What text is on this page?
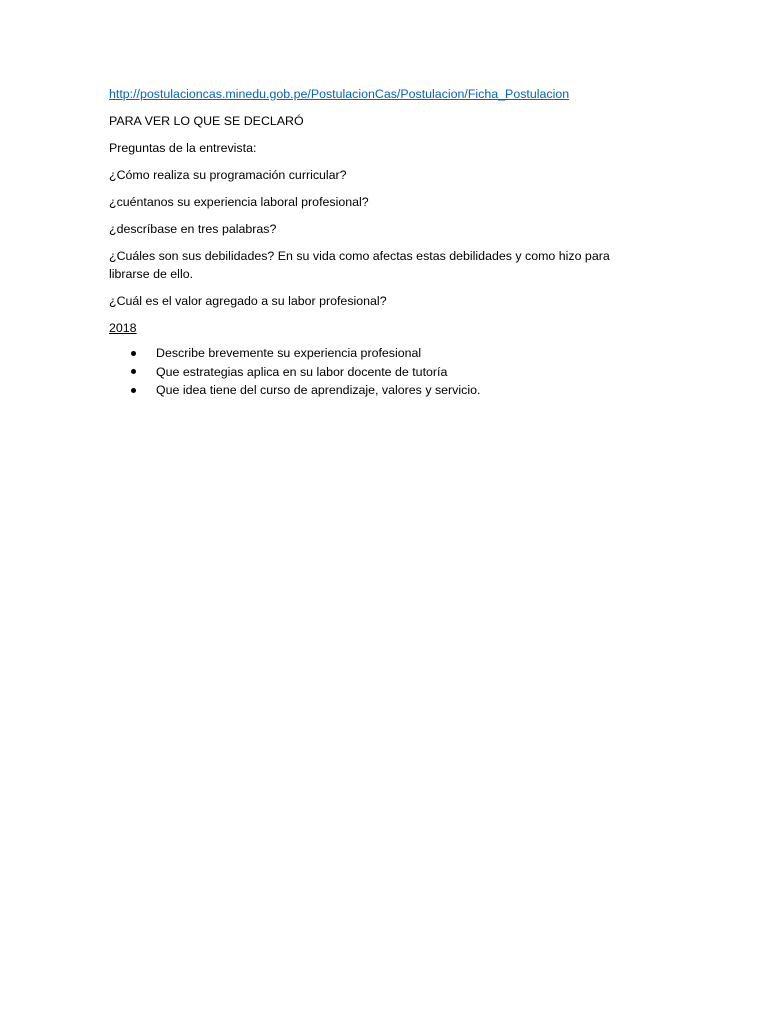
http://postulacioncas.minedu.gob.pe/PostulacionCas/Postulacion/Ficha_Postulacion

PARA VER LO QUE SE DECLARÓ

Preguntas de la entrevista:

¿Cómo realiza su programación curricular?

¿cuéntanos su experiencia laboral profesional?

¿descríbase en tres palabras?

¿Cuáles son sus debilidades? En su vida como afectas estas debilidades y como hizo para librarse de ello.

¿Cuál es el valor agregado a su labor profesional?

2018

Describe brevemente su experiencia profesional
Que estrategias aplica en su labor docente de tutoría
Que idea tiene del curso de aprendizaje, valores y servicio.
